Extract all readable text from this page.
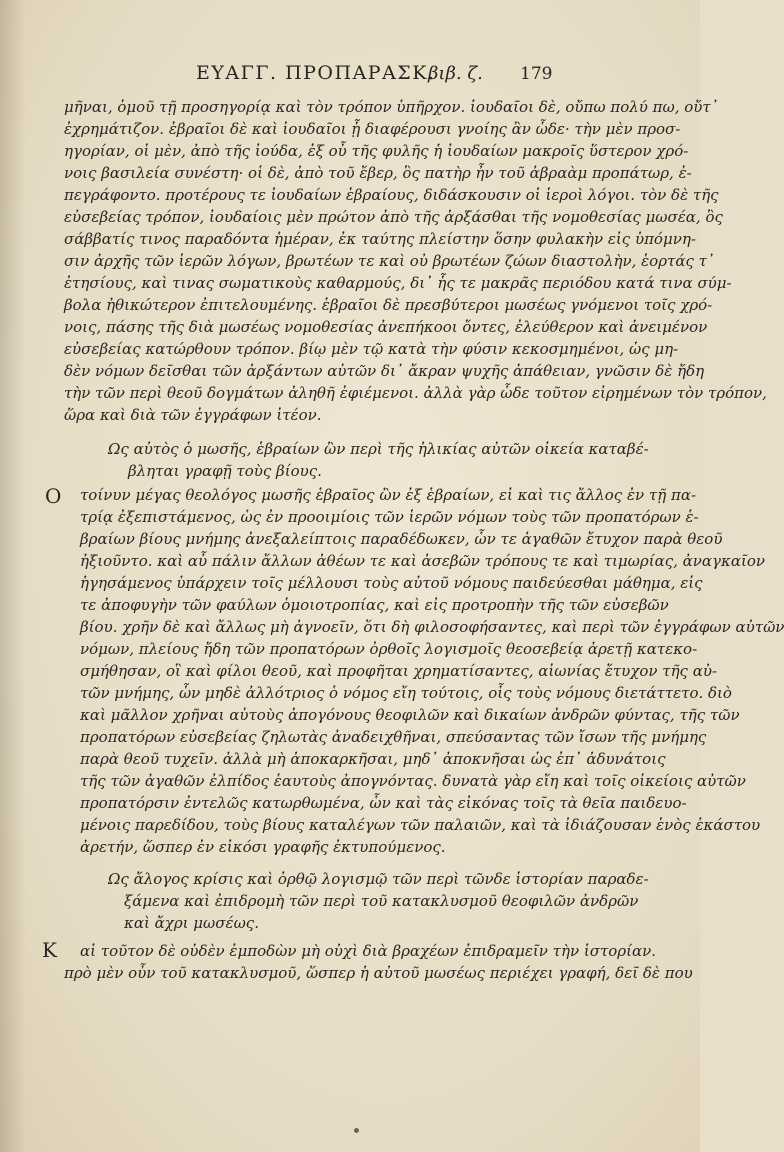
ΕΥΑΓΓ. ΠΡΟΠΑΡΑΣΚ.
βιβ. ζ. 179
μῆναι, ὁμοῦ τῇ προσηγορίᾳ καὶ τὸν τρόπον ὑπῆρχον. ἰουδαῖοι δὲ, οὔπω πολύ πω, οὔτ᾽
ἐχρημάτιζον. ἑβραῖοι δὲ καὶ ἰουδαῖοι ᾗ διαφέρουσι γνοίης ἂν ὧδε· τὴν μὲν προσ-
ηγορίαν, οἱ μὲν, ἀπὸ τῆς ἰούδα, ἐξ οὗ τῆς φυλῆς ἡ ἰουδαίων μακροῖς ὕστερον χρό-
νοις βασιλεία συνέστη· οἱ δὲ, ἀπὸ τοῦ ἔβερ, ὃς πατὴρ ἦν τοῦ ἀβραὰμ προπάτωρ, ἐ-
πεγράφοντο. προτέρους τε ἰουδαίων ἑβραίους, διδάσκουσιν οἱ ἱεροὶ λόγοι. τὸν δὲ τῆς
εὐσεβείας τρόπον, ἰουδαίοις μὲν πρώτον ἀπὸ τῆς ἀρξάσθαι τῆς νομοθεσίας μωσέα, ὃς
σάββατίς τινος παραδόντα ἡμέραν, ἐκ ταύτης πλείστην ὅσην φυλακὴν εἰς ὑπόμνη-
σιν ἀρχῆς τῶν ἱερῶν λόγων, βρωτέων τε καὶ οὐ βρωτέων ζώων διαστολὴν, ἑορτάς τ᾽
ἐτησίους, καὶ τινας σωματικοὺς καθαρμούς, δι᾽ ἧς τε μακρᾶς περιόδου κατά τινα σύμ-
βολα ἠθικώτερον ἐπιτελουμένης. ἑβραῖοι δὲ πρεσβύτεροι μωσέως γνόμενοι τοῖς χρό-
νοις, πάσης τῆς διὰ μωσέως νομοθεσίας ἀνεπήκοοι ὄντες, ἐλεύθερον καὶ ἀνειμένον
εὐσεβείας κατώρθουν τρόπον. βίῳ μὲν τῷ κατὰ τὴν φύσιν κεκοσμημένοι, ὡς μη-
δὲν νόμων δεῖσθαι τῶν ἀρξάντων αὐτῶν δι᾽ ἄκραν ψυχῆς ἀπάθειαν, γνῶσιν δὲ ἤδη
τὴν τῶν περὶ θεοῦ δογμάτων ἀληθῆ ἐφιέμενοι. ἀλλὰ γὰρ ὧδε τοῦτον εἰρημένων τὸν τρόπον,
ὥρα καὶ διὰ τῶν ἐγγράφων ἰτέον.
Ως αὐτὸς ὁ μωσῆς, ἑβραίων ὢν περὶ τῆς ἡλικίας αὐτῶν οἰκεία καταβέ-
βληται γραφῇ τοὺς βίους.
Ο τοίνυν μέγας θεολόγος μωσῆς ἑβραῖος ὢν ἐξ ἑβραίων, εἰ καὶ τις ἄλλος ἐν τῇ πα-
τρίᾳ ἐξεπιστάμενος, ὡς ἐν προοιμίοις τῶν ἱερῶν νόμων τοὺς τῶν προπατόρων ἑ-
βραίων βίους μνήμης ἀνεξαλείπτοις παραδέδωκεν, ὧν τε ἀγαθῶν ἔτυχον παρὰ θεοῦ
ἠξιοῦντο. καὶ αὖ πάλιν ἄλλων ἀθέων τε καὶ ἀσεβῶν τρόπους τε καὶ τιμωρίας, ἀναγκαῖον
ἡγησάμενος ὑπάρχειν τοῖς μέλλουσι τοὺς αὐτοῦ νόμους παιδεύεσθαι μάθημα, εἰς
τε ἀποφυγὴν τῶν φαύλων ὁμοιοτροπίας, καὶ εἰς προτροπὴν τῆς τῶν εὐσεβῶν
βίου. χρῆν δὲ καὶ ἄλλως μὴ ἀγνοεῖν, ὅτι δὴ φιλοσοφήσαντες, καὶ περὶ τῶν ἐγγράφων αὐτῶν
νόμων, πλείους ἤδη τῶν προπατόρων ὀρθοῖς λογισμοῖς θεοσεβείᾳ ἀρετῇ κατεκο-
σμήθησαν, οἳ καὶ φίλοι θεοῦ, καὶ προφῆται χρηματίσαντες, αἰωνίας ἔτυχον τῆς αὐ-
τῶν μνήμης, ὧν μηδὲ ἀλλότριος ὁ νόμος εἴη τούτοις, οἷς τοὺς νόμους διετάττετο. διὸ
καὶ μᾶλλον χρῆναι αὐτοὺς ἀπογόνους θεοφιλῶν καὶ δικαίων ἀνδρῶν φύντας, τῆς τῶν
προπατόρων εὐσεβείας ζηλωτὰς ἀναδειχθῆναι, σπεύσαντας τῶν ἴσων τῆς μνήμης
παρὰ θεοῦ τυχεῖν. ἀλλὰ μὴ ἀποκαρκῆσαι, μηδ᾽ ἀποκνῆσαι ὡς ἐπ᾽ ἀδυνάτοις
τῆς τῶν ἀγαθῶν ἐλπίδος ἑαυτοὺς ἀπογνόντας. δυνατὰ γὰρ εἴη καὶ τοῖς οἰκείοις αὐτῶν
προπατόρσιν ἐντελῶς κατωρθωμένα, ὧν καὶ τὰς εἰκόνας τοῖς τὰ θεῖα παιδευο-
μένοις παρεδίδου, τοὺς βίους καταλέγων τῶν παλαιῶν, καὶ τὰ ἰδιάζουσαν ἑνὸς ἑκάστου
ἀρετήν, ὥσπερ ἐν εἰκόσι γραφῆς ἐκτυπούμενος.
Ως ἄλογος κρίσις καὶ ὀρθῷ λογισμῷ τῶν περὶ τῶνδε ἱστορίαν παραδε-
ξάμενα καὶ ἐπιδρομὴ τῶν περὶ τοῦ κατακλυσμοῦ θεοφιλῶν ἀνδρῶν
καὶ ἄχρι μωσέως.
Κ αἱ τοῦτον δὲ οὐδὲν ἐμποδὼν μὴ οὐχὶ διὰ βραχέων ἐπιδραμεῖν τὴν ἱστορίαν.
πρὸ μὲν οὖν τοῦ κατακλυσμοῦ, ὥσπερ ἡ αὐτοῦ μωσέως περιέχει γραφή, δεῖ δὲ που
